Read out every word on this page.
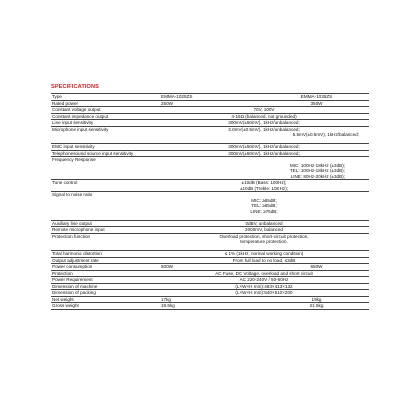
SPECIFICATIONS
Type	EMMA-1025ZS	EMMA-1035ZS
Rated power	250W	350W
Constant voltage output	70V, 100V	
Constant impedance output	4-16Ω (balanced, not grounded)	
Line input sensitivity	300mV(±50mV), 1kHz/unbalanced;	
Microphone input sensitivity	3.0mV(±0.5mV), 1kHz/unbalanced;	
	5.5mV(±0.5mV), 1kHz/balanced;	

EMC input sensitivity	300mV(±50mV), 1kHz/unbalanced;	
Telephonesound source input sensitivity	300mV(±50mV), 1kHz/unbalanced;	
Frequency Response		
	MIC: 100Hz-18kHz (±3dB);	
	TEL: 100Hz-18kHz (±3dB);	
	LINE: 80Hz-20kHz (±3dB);	
Tune control	±10dB (Bass: 100Hz);	
	±10dB (Treble: 10KHz);	
Signal to noise ratio		
	MIC: ≥55dB;	
	TEL: ≥65dB;	
	LINE: ≥75dB;	

Auxiliary line output	0dBV, unbalanced	
Remote microphone input	2000mV, balanced	
Protection function	Overload protection, short-circuit protection,	
	temperature protection.	

Total harmonic distortion	≤ 1% (1kHz, normal working condition)	
Output adjustment rate	From full load to no load, ≤3dB	
Power consumption	500W	650W
Protection	AC Fuse, DC Voltage, overload and short circuit	
Power Requirement	AC 220-240V / 50-60Hz	
Dimension of machine	(L×W×H mm):483×413×132	
Dimension of packing	(L×W×H mm):540×510×200	
Net weight	17kg	19kg
Gross weight	19.5kg	21.5kg
